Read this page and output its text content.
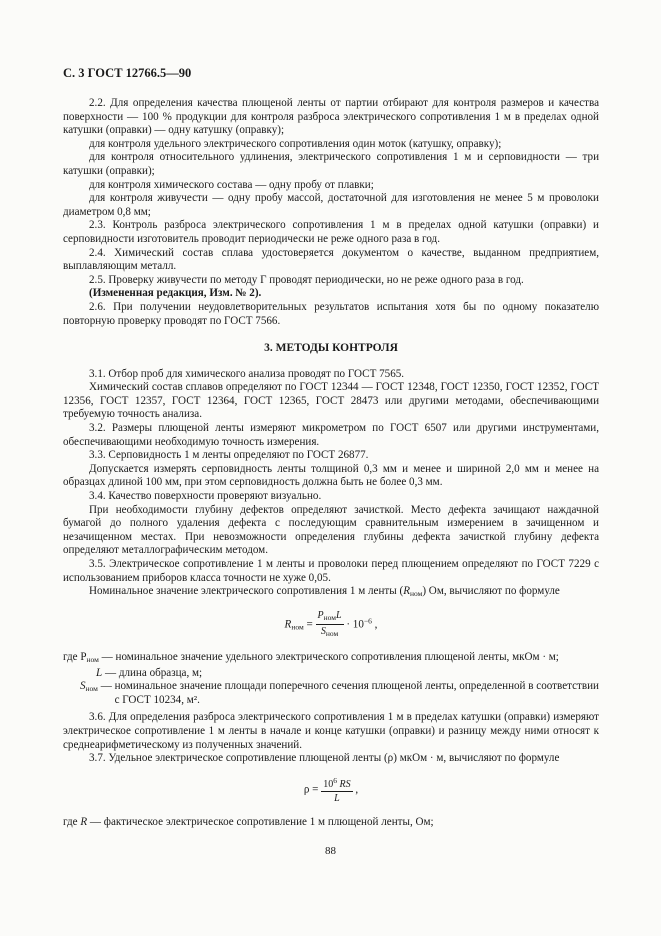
С. 3 ГОСТ 12766.5—90

2.2. Для определения качества плющеной ленты от партии отбирают для контроля размеров и качества поверхности — 100 % продукции для контроля разброса электрического сопротивления 1 м в пределах одной катушки (оправки) — одну катушку (оправку);

для контроля удельного электрического сопротивления один моток (катушку, оправку);

для контроля относительного удлинения, электрического сопротивления 1 м и серповидности — три катушки (оправки);

для контроля химического состава — одну пробу от плавки;

для контроля живучести — одну пробу массой, достаточной для изготовления не менее 5 м проволоки диаметром 0,8 мм;

2.3. Контроль разброса электрического сопротивления 1 м в пределах одной катушки (оправки) и серповидности изготовитель проводит периодически не реже одного раза в год.

2.4. Химический состав сплава удостоверяется документом о качестве, выданном предприятием, выплавляющим металл.

2.5. Проверку живучести по методу Г проводят периодически, но не реже одного раза в год.

(Измененная редакция, Изм. № 2).

2.6. При получении неудовлетворительных результатов испытания хотя бы по одному показателю повторную проверку проводят по ГОСТ 7566.

3. МЕТОДЫ КОНТРОЛЯ

3.1. Отбор проб для химического анализа проводят по ГОСТ 7565.

Химический состав сплавов определяют по ГОСТ 12344 — ГОСТ 12348, ГОСТ 12350, ГОСТ 12352, ГОСТ 12356, ГОСТ 12357, ГОСТ 12364, ГОСТ 12365, ГОСТ 28473 или другими методами, обеспечивающими требуемую точность анализа.

3.2. Размеры плющеной ленты измеряют микрометром по ГОСТ 6507 или другими инструментами, обеспечивающими необходимую точность измерения.

3.3. Серповидность 1 м ленты определяют по ГОСТ 26877.

Допускается измерять серповидность ленты толщиной 0,3 мм и менее и шириной 2,0 мм и менее на образцах длиной 100 мм, при этом серповидность должна быть не более 0,3 мм.

3.4. Качество поверхности проверяют визуально.

При необходимости глубину дефектов определяют зачисткой. Место дефекта зачищают наждачной бумагой до полного удаления дефекта с последующим сравнительным измерением в зачищенном и незачищенном местах. При невозможности определения глубины дефекта зачисткой глубину дефекта определяют металлографическим методом.

3.5. Электрическое сопротивление 1 м ленты и проволоки перед плющением определяют по ГОСТ 7229 с использованием приборов класса точности не хуже 0,05.

Номинальное значение электрического сопротивления 1 м ленты $(R_{ном})$ Ом, вычисляют по формуле

$R_{ном} = \frac{P_{ном}L}{S_{ном}} \cdot 10^{-6}$ ,
где $P_{ном}$ — номинальное значение удельного электрического сопротивления плющеной ленты, мкОм · м;
L — длина образца, м;
$S_{ном}$ — номинальное значение площади поперечного сечения плющеной ленты, определенной в соответствии с ГОСТ 10234, м².

3.6. Для определения разброса электрического сопротивления 1 м в пределах катушки (оправки) измеряют электрическое сопротивление 1 м ленты в начале и конце катушки (оправки) и разницу между ними относят к среднеарифметическому из полученных значений.

3.7. Удельное электрическое сопротивление плющеной ленты (ρ) мкОм · м, вычисляют по формуле

$\rho = \frac{10^6 RS}{L}$ ,

где R — фактическое электрическое сопротивление 1 м плющеной ленты, Ом;

88
